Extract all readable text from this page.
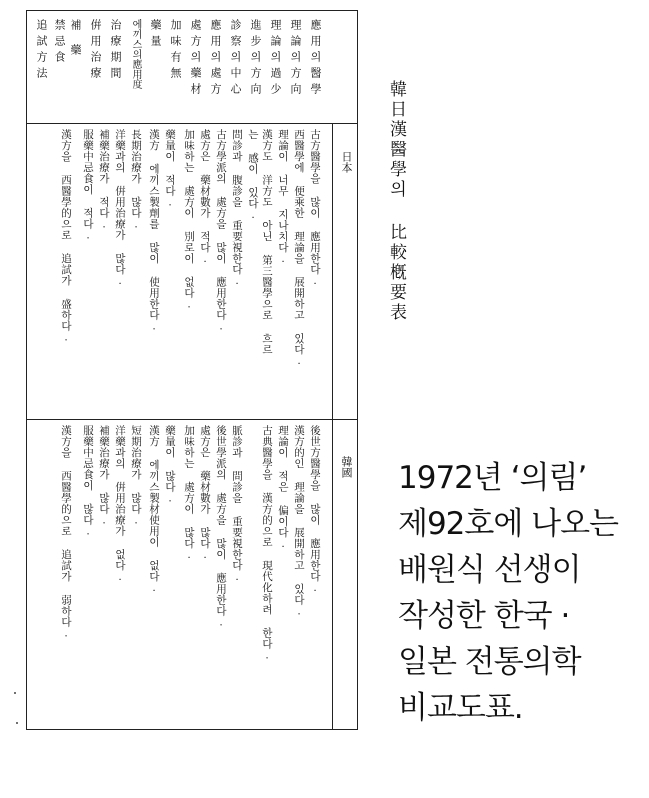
日本
韓國
應用의醫學
理論의方向
理論의過少
進步의方向
診察의中心
應用의處方
處方의藥材
加味有無
藥量
에끼스의應用度
治療期間
倂用治療
補藥
禁忌食
追試方法
古方醫學을 많이 應用한다.
西醫學에 便乘한 理論을 展開하고 있다.
理論이 너무 지나치다.
漢方도 洋方도 아닌 第三醫學으로 흐르
는 感이 있다.
問診과 腹診을 重要視한다.
古方學派의 處方을 많이 應用한다.
處方은 藥材數가 적다.
加味하는 處方이 別로이 없다.
藥量이 적다.
漢方 에끼스製劑를 많이 使用한다.
長期治療가 많다.
洋藥과의 倂用治療가 많다.
補藥治療가 적다.
服藥中忌食이 적다.
漢方을 西醫學的으로 追試가 盛하다.
後世方醫學을 많이 應用한다.
漢方的인 理論을 展開하고 있다.
理論이 적은 偏이다.
古典醫學을 漢方的으로 現代化하려 한다.
脈診과 問診을 重要視한다.
後世學派의 處方을 많이 應用한다.
處方은 藥材數가 많다.
加味하는 處方이 많다.
藥量이 많다.
漢方 에끼스製材使用이 없다.
短期治療가 많다.
洋藥과의 倂用治療가 없다.
補藥治療가 많다.
服藥中忌食이 많다.
漢方을 西醫學的으로 追試가 弱하다.
韓日漢醫學의 比較槪要表
1972년 ‘의림’
제92호에 나오는
배원식 선생이
작성한 한국 ·
일본 전통의학
비교도표.
